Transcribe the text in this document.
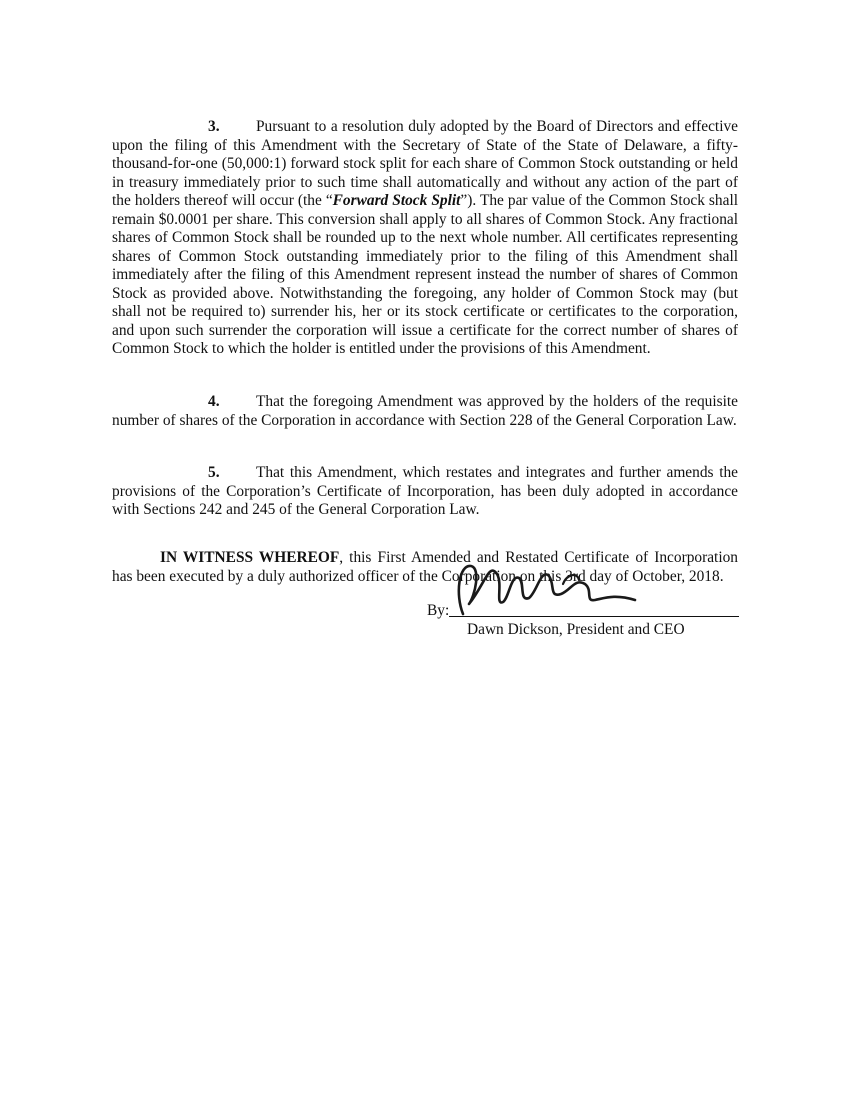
3. Pursuant to a resolution duly adopted by the Board of Directors and effective upon the filing of this Amendment with the Secretary of State of the State of Delaware, a fifty-thousand-for-one (50,000:1) forward stock split for each share of Common Stock outstanding or held in treasury immediately prior to such time shall automatically and without any action of the part of the holders thereof will occur (the “Forward Stock Split”). The par value of the Common Stock shall remain $0.0001 per share. This conversion shall apply to all shares of Common Stock. Any fractional shares of Common Stock shall be rounded up to the next whole number. All certificates representing shares of Common Stock outstanding immediately prior to the filing of this Amendment shall immediately after the filing of this Amendment represent instead the number of shares of Common Stock as provided above. Notwithstanding the foregoing, any holder of Common Stock may (but shall not be required to) surrender his, her or its stock certificate or certificates to the corporation, and upon such surrender the corporation will issue a certificate for the correct number of shares of Common Stock to which the holder is entitled under the provisions of this Amendment.

4. That the foregoing Amendment was approved by the holders of the requisite number of shares of the Corporation in accordance with Section 228 of the General Corporation Law.

5. That this Amendment, which restates and integrates and further amends the provisions of the Corporation’s Certificate of Incorporation, has been duly adopted in accordance with Sections 242 and 245 of the General Corporation Law.

IN WITNESS WHEREOF, this First Amended and Restated Certificate of Incorporation has been executed by a duly authorized officer of the Corporation on this 3rd day of October, 2018.

By:
Dawn Dickson, President and CEO
